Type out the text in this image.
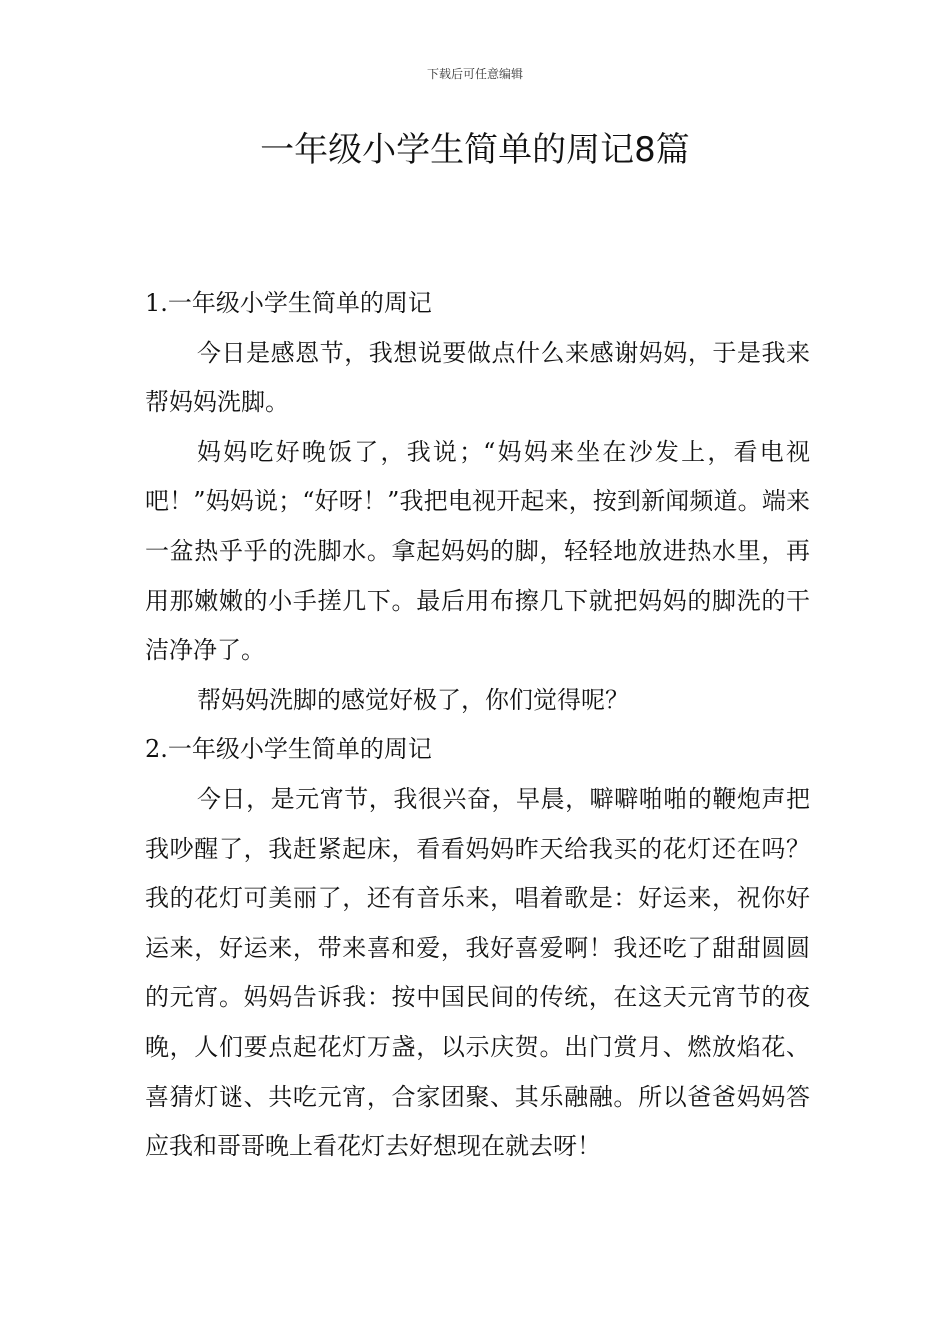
下载后可任意编辑
一年级小学生简单的周记8篇
1.一年级小学生简单的周记

今日是感恩节，我想说要做点什么来感谢妈妈，于是我来帮妈妈洗脚。

妈妈吃好晚饭了，我说；“妈妈来坐在沙发上，看电视吧！”妈妈说；“好呀！”我把电视开起来，按到新闻频道。端来一盆热乎乎的洗脚水。拿起妈妈的脚，轻轻地放进热水里，再用那嫩嫩的小手搓几下。最后用布擦几下就把妈妈的脚洗的干洁净净了。

帮妈妈洗脚的感觉好极了，你们觉得呢？

2.一年级小学生简单的周记

今日，是元宵节，我很兴奋，早晨，噼噼啪啪的鞭炮声把我吵醒了，我赶紧起床，看看妈妈昨天给我买的花灯还在吗？我的花灯可美丽了，还有音乐来，唱着歌是：好运来，祝你好运来，好运来，带来喜和爱，我好喜爱啊！我还吃了甜甜圆圆的元宵。妈妈告诉我：按中国民间的传统，在这天元宵节的夜晚，人们要点起花灯万盏，以示庆贺。出门赏月、燃放焰花、喜猜灯谜、共吃元宵，合家团聚、其乐融融。所以爸爸妈妈答应我和哥哥晚上看花灯去好想现在就去呀！
